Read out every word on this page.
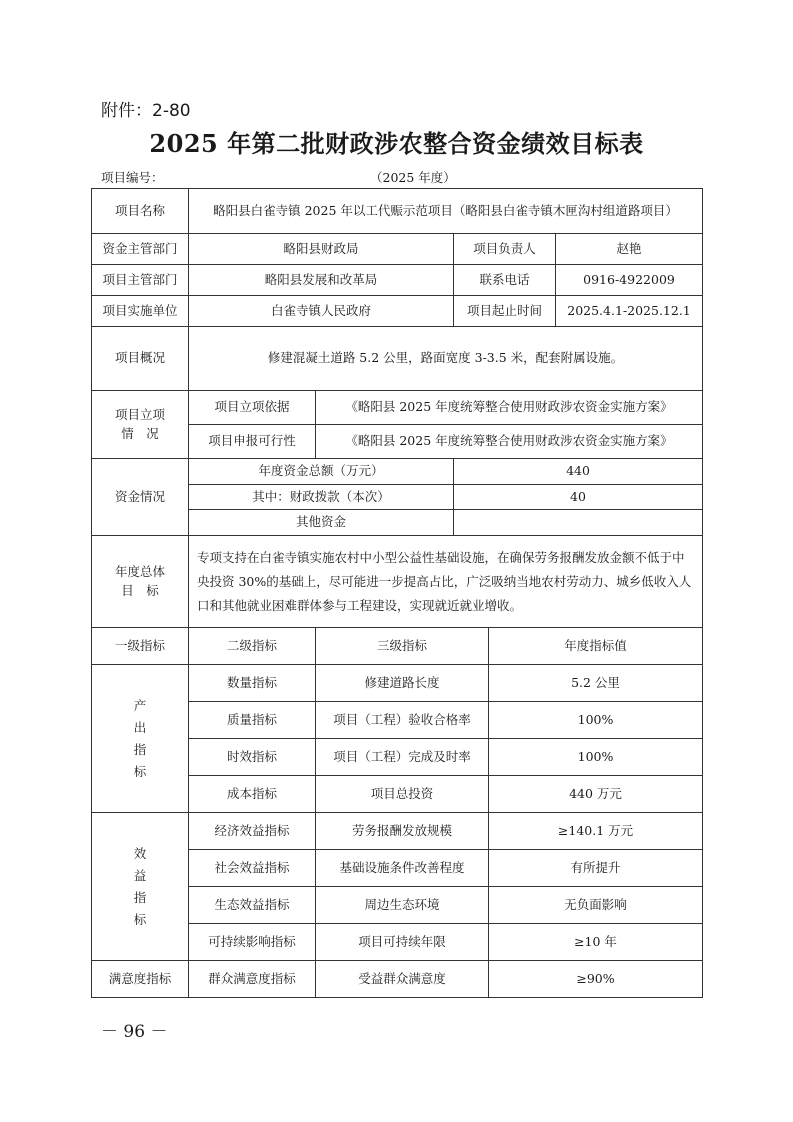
附件：2-80
2025 年第二批财政涉农整合资金绩效目标表
项目编号：	（2025 年度）
项目名称	略阳县白雀寺镇 2025 年以工代赈示范项目（略阳县白雀寺镇木匣沟村组道路项目）				
资金主管部门	略阳县财政局		项目负责人		赵艳
项目主管部门	略阳县发展和改革局		联系电话		0916-4922009
项目实施单位	白雀寺镇人民政府		项目起止时间		2025.4.1-2025.12.1
项目概况	修建混凝土道路 5.2 公里，路面宽度 3-3.5 米，配套附属设施。				

项目立项
情　况	项目立项依据	《略阳县 2025 年度统筹整合使用财政涉农资金实施方案》			
	项目申报可行性	《略阳县 2025 年度统筹整合使用财政涉农资金实施方案》			
资金情况	年度资金总额（万元）		440		
	其中：财政拨款（本次）		40		
	其他资金				

年度总体
目　标	专项支持在白雀寺镇实施农村中小型公益性基础设施，在确保劳务报酬发放金额不低于中央投资 30%的基础上，尽可能进一步提高占比，广泛吸纳当地农村劳动力、城乡低收入人口和其他就业困难群体参与工程建设，实现就近就业增收。				
一级指标	二级指标	三级指标		年度指标值	

产
出
指
标	数量指标	修建道路长度		5.2 公里	
	质量指标	项目（工程）验收合格率		100%	
	时效指标	项目（工程）完成及时率		100%	
	成本指标	项目总投资		440 万元	

效
益
指
标	经济效益指标	劳务报酬发放规模		≥140.1 万元	
	社会效益指标	基础设施条件改善程度		有所提升	
	生态效益指标	周边生态环境		无负面影响	
	可持续影响指标	项目可持续年限		≥10 年	
满意度指标	群众满意度指标	受益群众满意度		≥90%	
－ 96 －
